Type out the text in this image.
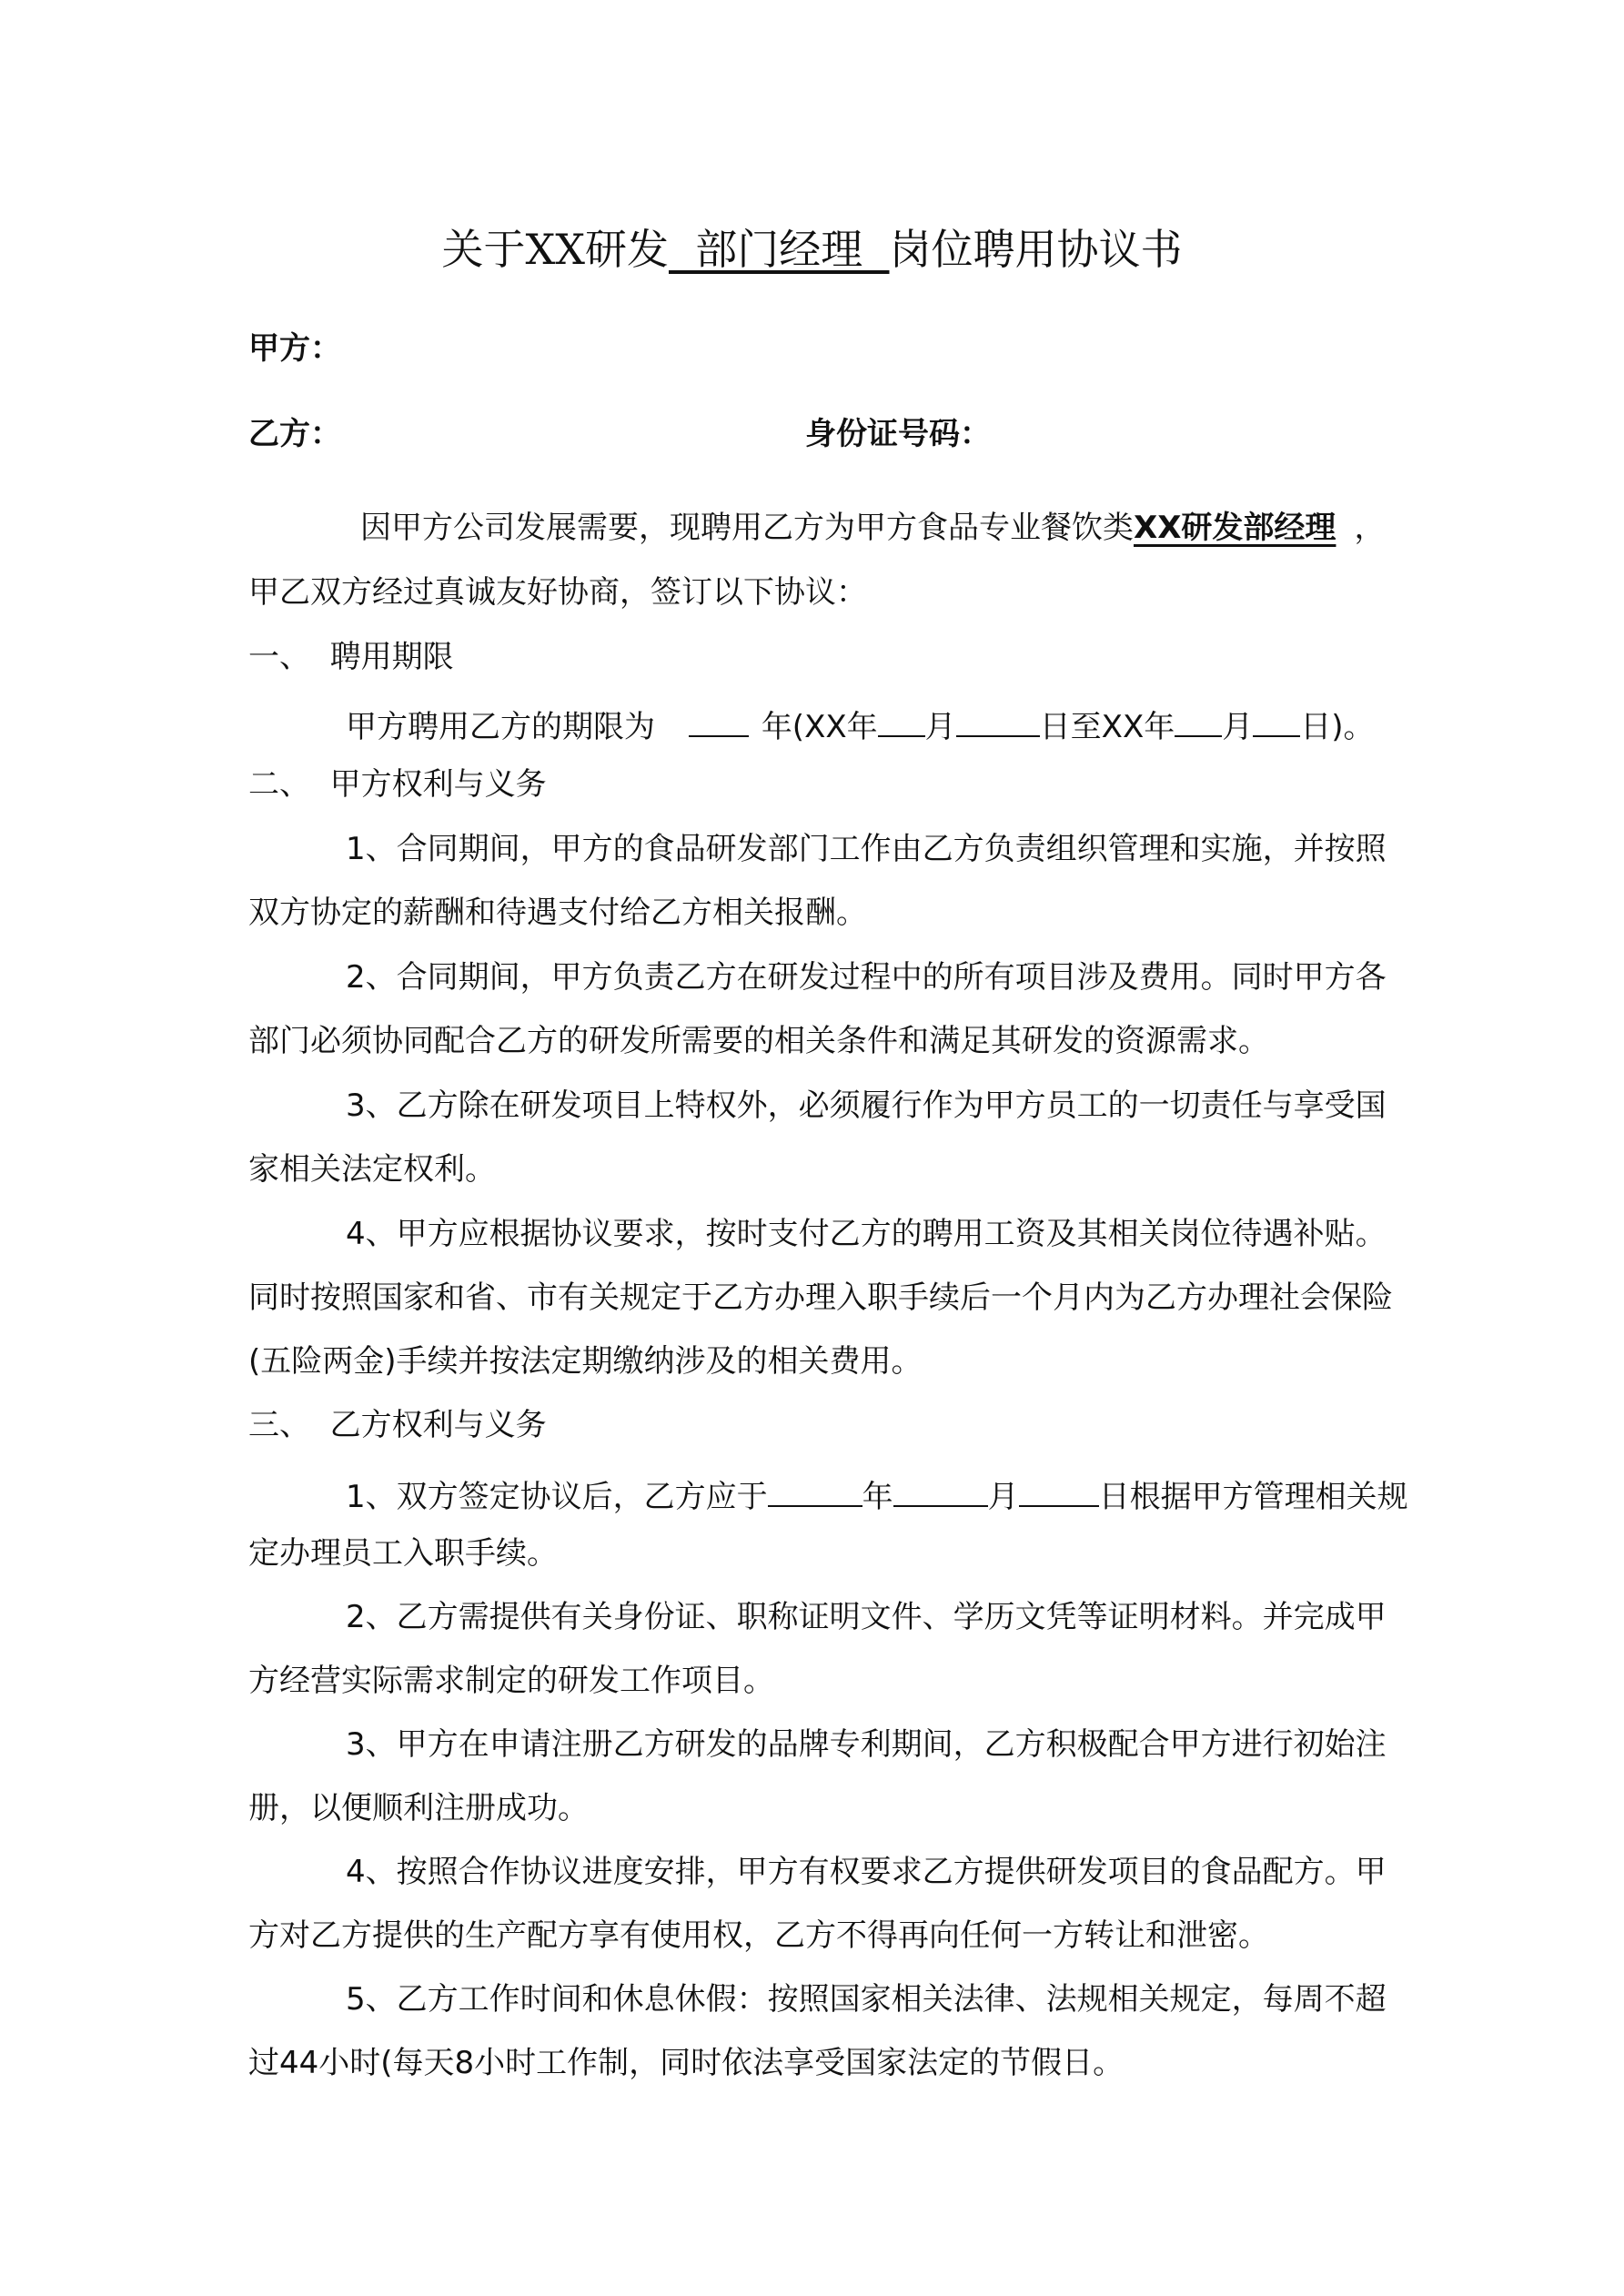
关于XX研发  部门经理  岗位聘用协议书
甲方：
乙方：	身份证号码：
因甲方公司发展需要，现聘用乙方为甲方食品专业餐饮类XX研发部经理 ，
甲乙双方经过真诚友好协商，签订以下协议：
一、  聘用期限
甲方聘用乙方的期限为	年(XX年 月	日至XX年 月 日)。
二、  甲方权利与义务
1、合同期间，甲方的食品研发部门工作由乙方负责组织管理和实施，并按照
双方协定的薪酬和待遇支付给乙方相关报酬。
2、合同期间，甲方负责乙方在研发过程中的所有项目涉及费用。同时甲方各
部门必须协同配合乙方的研发所需要的相关条件和满足其研发的资源需求。
3、乙方除在研发项目上特权外，必须履行作为甲方员工的一切责任与享受国
家相关法定权利。
4、甲方应根据协议要求，按时支付乙方的聘用工资及其相关岗位待遇补贴。
同时按照国家和省、市有关规定于乙方办理入职手续后一个月内为乙方办理社会保险
(五险两金)手续并按法定期缴纳涉及的相关费用。
三、  乙方权利与义务
1、双方签定协议后，乙方应于	年	月	日根据甲方管理相关规
定办理员工入职手续。
2、乙方需提供有关身份证、职称证明文件、学历文凭等证明材料。并完成甲
方经营实际需求制定的研发工作项目。
3、甲方在申请注册乙方研发的品牌专利期间，乙方积极配合甲方进行初始注
册，以便顺利注册成功。
4、按照合作协议进度安排，甲方有权要求乙方提供研发项目的食品配方。甲
方对乙方提供的生产配方享有使用权，乙方不得再向任何一方转让和泄密。
5、乙方工作时间和休息休假：按照国家相关法律、法规相关规定，每周不超
过44小时(每天8小时工作制，同时依法享受国家法定的节假日。
